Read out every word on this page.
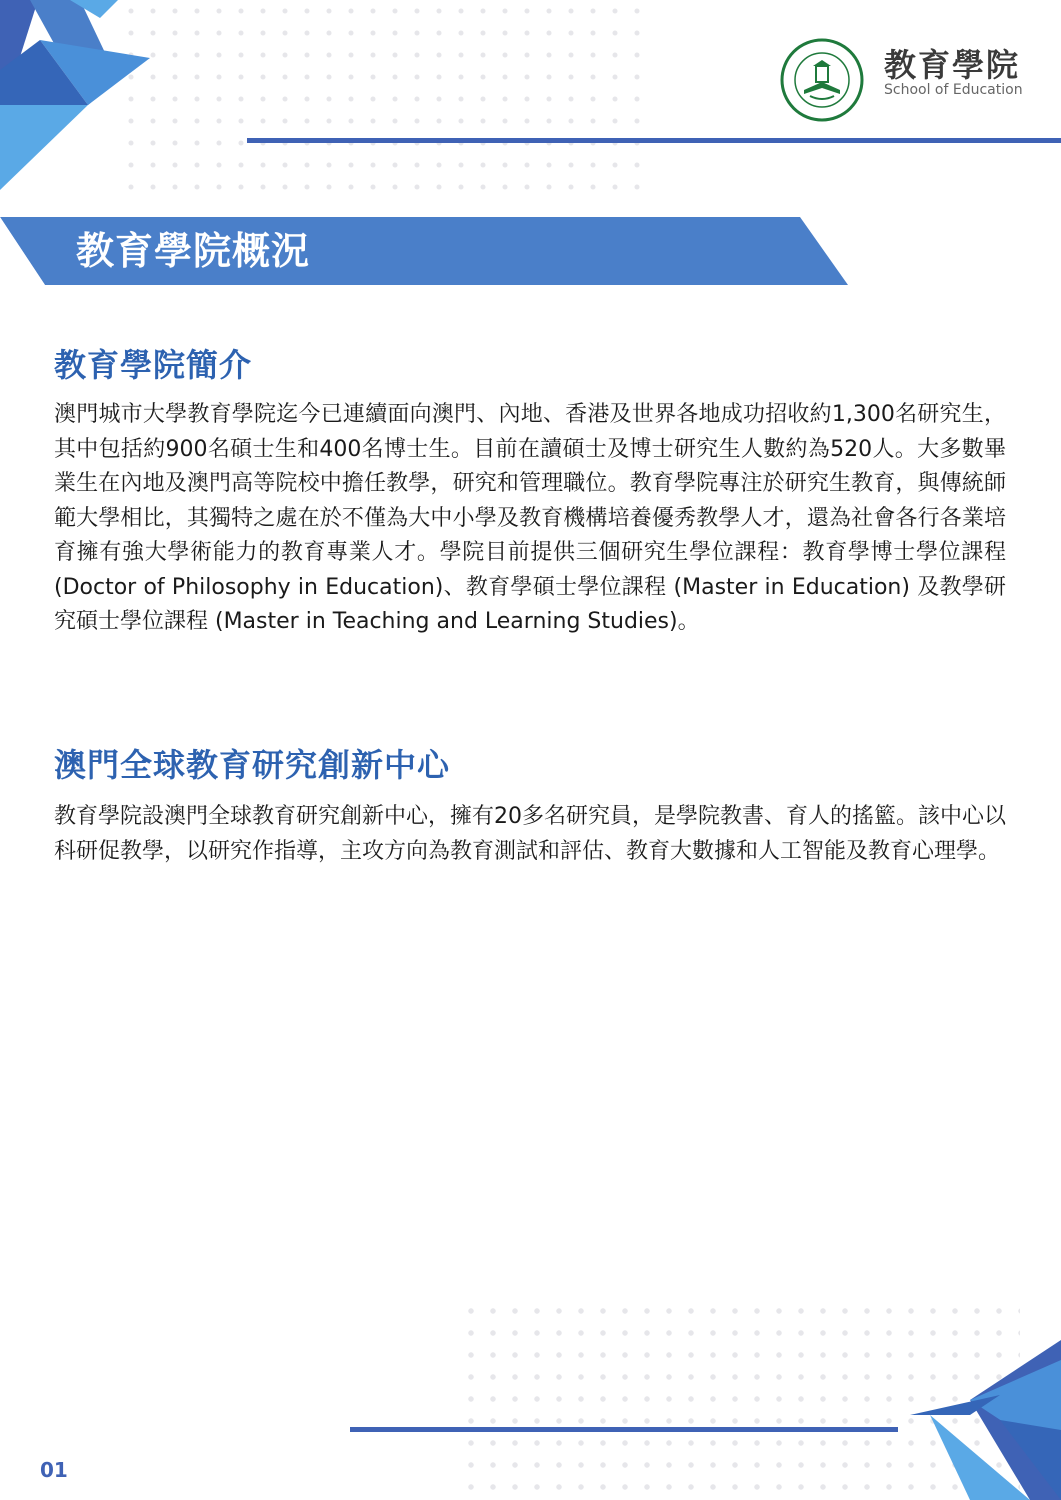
教育學院
School of Education
教育學院概況
教育學院簡介
澳門城市大學教育學院迄今已連續面向澳門、內地、香港及世界各地成功招收約1,300名研究生，其中包括約900名碩士生和400名博士生。目前在讀碩士及博士研究生人數約為520人。大多數畢業生在內地及澳門高等院校中擔任教學，研究和管理職位。教育學院專注於研究生教育，與傳統師範大學相比，其獨特之處在於不僅為大中小學及教育機構培養優秀教學人才，還為社會各行各業培育擁有強大學術能力的教育專業人才。學院目前提供三個研究生學位課程：教育學博士學位課程 (Doctor of Philosophy in Education)、教育學碩士學位課程 (Master in Education) 及教學研究碩士學位課程 (Master in Teaching and Learning Studies)。
澳門全球教育研究創新中心
教育學院設澳門全球教育研究創新中心，擁有20多名研究員，是學院教書、育人的搖籃。該中心以科研促教學，以研究作指導，主攻方向為教育測試和評估、教育大數據和人工智能及教育心理學。
01
